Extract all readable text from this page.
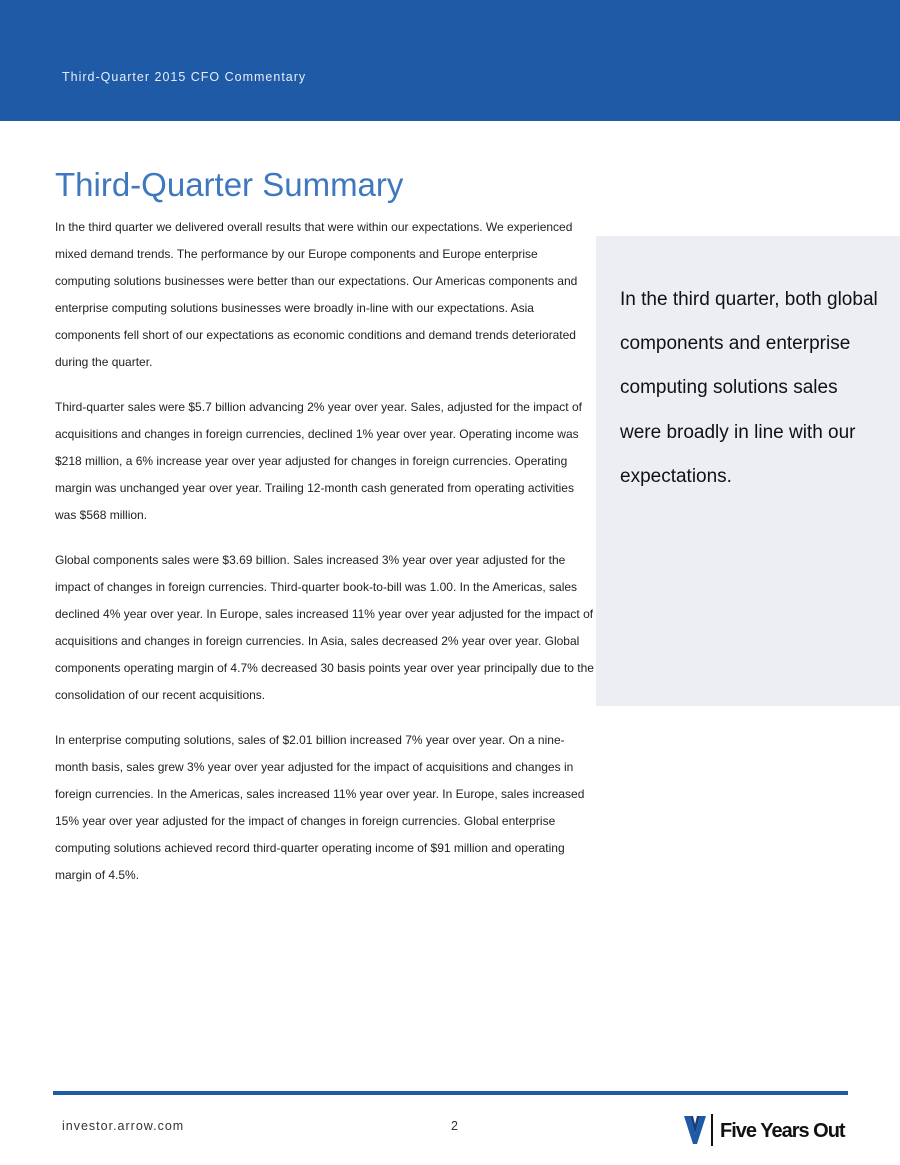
Third-Quarter 2015 CFO Commentary
Third-Quarter Summary

In the third quarter we delivered overall results that were within our expectations. We experienced mixed demand trends. The performance by our Europe components and Europe enterprise computing solutions businesses were better than our expectations. Our Americas components and enterprise computing solutions businesses were broadly in-line with our expectations. Asia components fell short of our expectations as economic conditions and demand trends deteriorated during the quarter.

Third-quarter sales were $5.7 billion advancing 2% year over year. Sales, adjusted for the impact of acquisitions and changes in foreign currencies, declined 1% year over year. Operating income was $218 million, a 6% increase year over year adjusted for changes in foreign currencies. Operating margin was unchanged year over year. Trailing 12-month cash generated from operating activities was $568 million.

Global components sales were $3.69 billion. Sales increased 3% year over year adjusted for the impact of changes in foreign currencies. Third-quarter book-to-bill was 1.00. In the Americas, sales declined 4% year over year. In Europe, sales increased 11% year over year adjusted for the impact of acquisitions and changes in foreign currencies. In Asia, sales decreased 2% year over year. Global components operating margin of 4.7% decreased 30 basis points year over year principally due to the consolidation of our recent acquisitions.

In enterprise computing solutions, sales of $2.01 billion increased 7% year over year. On a nine-month basis, sales grew 3% year over year adjusted for the impact of acquisitions and changes in foreign currencies. In the Americas, sales increased 11% year over year. In Europe, sales increased 15% year over year adjusted for the impact of changes in foreign currencies. Global enterprise computing solutions achieved record third-quarter operating income of $91 million and operating margin of 4.5%.

In the third quarter, both global components and enterprise computing solutions sales were broadly in line with our expectations.
investor.arrow.com	2	Five Years Out
